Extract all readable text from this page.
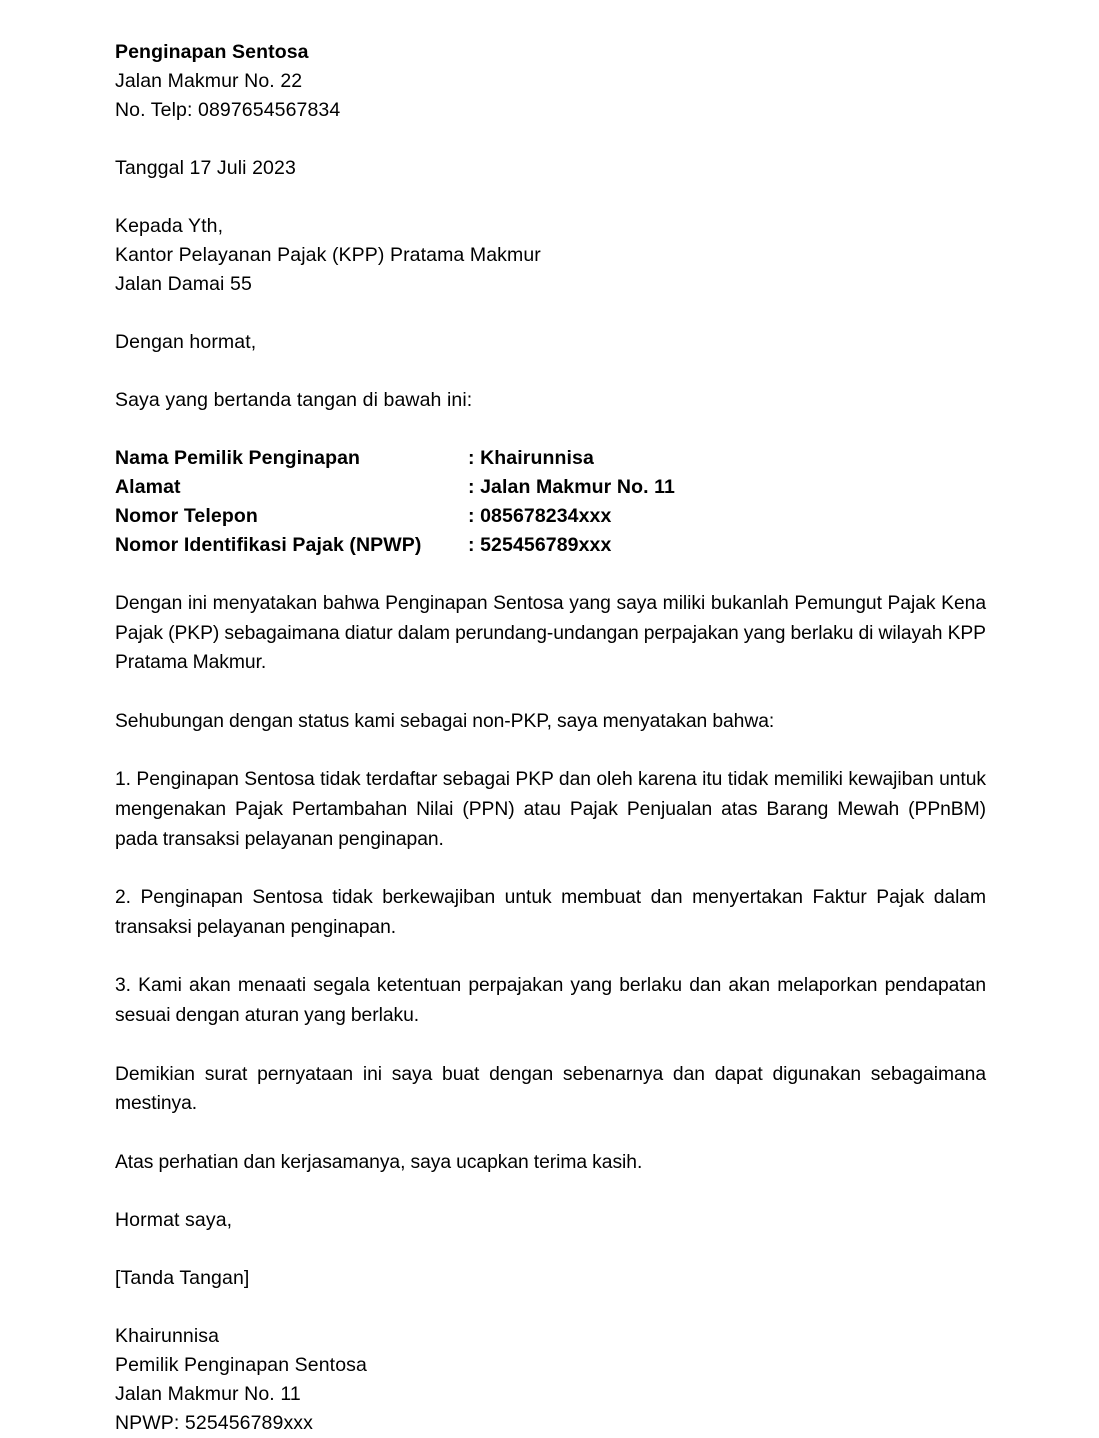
Penginapan Sentosa
Jalan Makmur No. 22
No. Telp: 0897654567834
Tanggal 17 Juli 2023
Kepada Yth,
Kantor Pelayanan Pajak (KPP) Pratama Makmur
Jalan Damai 55
Dengan hormat,
Saya yang bertanda tangan di bawah ini:
Nama Pemilik Penginapan	: Khairunnisa
Alamat	: Jalan Makmur No. 11
Nomor Telepon	: 085678234xxx
Nomor Identifikasi Pajak (NPWP)	: 525456789xxx

Dengan ini menyatakan bahwa Penginapan Sentosa yang saya miliki bukanlah Pemungut Pajak Kena Pajak (PKP) sebagaimana diatur dalam perundang-undangan perpajakan yang berlaku di wilayah KPP Pratama Makmur.

Sehubungan dengan status kami sebagai non-PKP, saya menyatakan bahwa:

1. Penginapan Sentosa tidak terdaftar sebagai PKP dan oleh karena itu tidak memiliki kewajiban untuk mengenakan Pajak Pertambahan Nilai (PPN) atau Pajak Penjualan atas Barang Mewah (PPnBM) pada transaksi pelayanan penginapan.

2. Penginapan Sentosa tidak berkewajiban untuk membuat dan menyertakan Faktur Pajak dalam transaksi pelayanan penginapan.

3. Kami akan menaati segala ketentuan perpajakan yang berlaku dan akan melaporkan pendapatan sesuai dengan aturan yang berlaku.

Demikian surat pernyataan ini saya buat dengan sebenarnya dan dapat digunakan sebagaimana mestinya.

Atas perhatian dan kerjasamanya, saya ucapkan terima kasih.

Hormat saya,
[Tanda Tangan]
Khairunnisa
Pemilik Penginapan Sentosa
Jalan Makmur No. 11
NPWP: 525456789xxx
